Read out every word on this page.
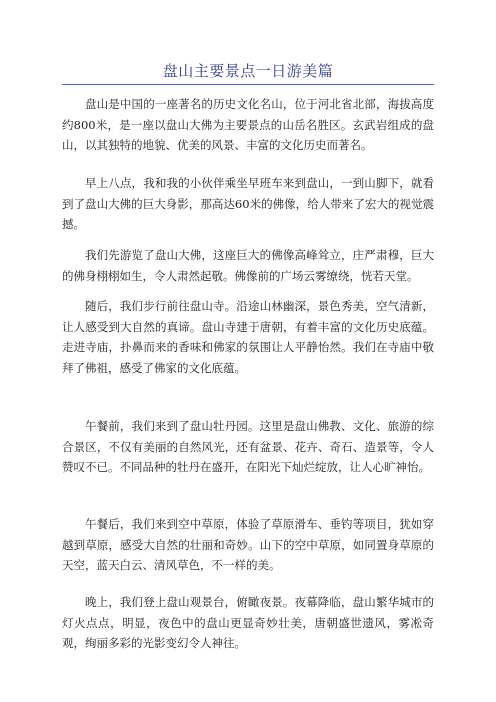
盘山主要景点一日游美篇

盘山是中国的一座著名的历史文化名山，位于河北省北部，海拔高度约800米，是一座以盘山大佛为主要景点的山岳名胜区。玄武岩组成的盘山，以其独特的地貌、优美的风景、丰富的文化历史而著名。

早上八点，我和我的小伙伴乘坐早班车来到盘山，一到山脚下，就看到了盘山大佛的巨大身影，那高达60米的佛像，给人带来了宏大的视觉震撼。

我们先游览了盘山大佛，这座巨大的佛像高峰耸立，庄严肃穆，巨大的佛身栩栩如生，令人肃然起敬。佛像前的广场云雾缭绕，恍若天堂。

随后，我们步行前往盘山寺。沿途山林幽深，景色秀美，空气清新，让人感受到大自然的真谛。盘山寺建于唐朝，有着丰富的文化历史底蕴。走进寺庙，扑鼻而来的香味和佛家的氛围让人平静怡然。我们在寺庙中敬拜了佛祖，感受了佛家的文化底蕴。

午餐前，我们来到了盘山牡丹园。这里是盘山佛教、文化、旅游的综合景区，不仅有美丽的自然风光，还有盆景、花卉、奇石、造景等，令人赞叹不已。不同品种的牡丹在盛开，在阳光下灿烂绽放，让人心旷神怡。

午餐后，我们来到空中草原，体验了草原滑车、垂钓等项目，犹如穿越到草原，感受大自然的壮丽和奇妙。山下的空中草原，如同置身草原的天空，蓝天白云、清风草色，不一样的美。

晚上，我们登上盘山观景台，俯瞰夜景。夜幕降临，盘山繁华城市的灯火点点，明显，夜色中的盘山更显奇妙壮美，唐朝盛世遗风，雾凇奇观，绚丽多彩的光影变幻令人神往。
